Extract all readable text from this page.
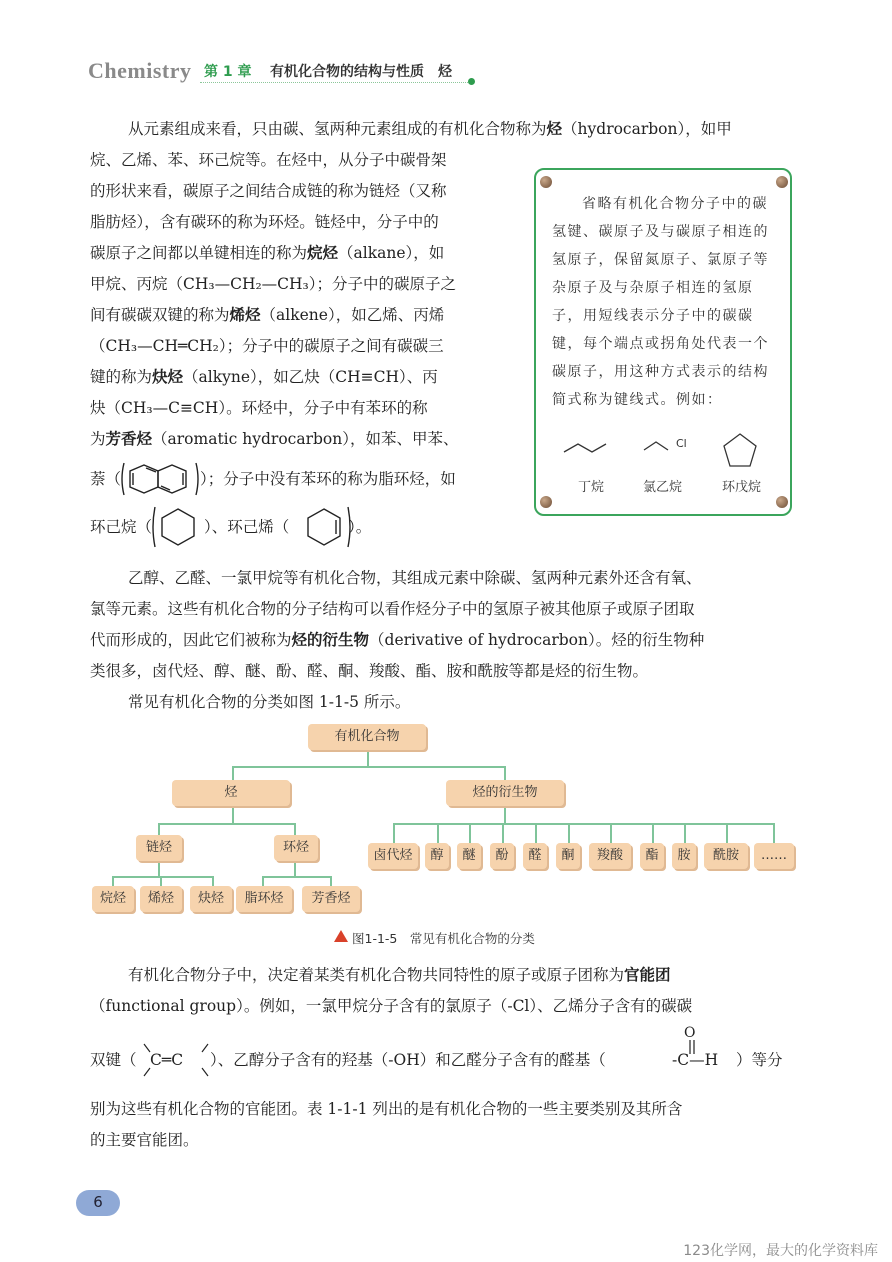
Chemistry 第 1 章 有机化合物的结构与性质　烃
从元素组成来看，只由碳、氢两种元素组成的有机化合物称为烃（hydrocarbon），如甲
烷、乙烯、苯、环己烷等。在烃中，从分子中碳骨架
的形状来看，碳原子之间结合成链的称为链烃（又称
脂肪烃），含有碳环的称为环烃。链烃中，分子中的
碳原子之间都以单键相连的称为烷烃（alkane），如
甲烷、丙烷（CH₃—CH₂—CH₃）；分子中的碳原子之
间有碳碳双键的称为烯烃（alkene），如乙烯、丙烯
（CH₃—CH═CH₂）；分子中的碳原子之间有碳碳三
键的称为炔烃（alkyne），如乙炔（CH≡CH）、丙
炔（CH₃—C≡CH）。环烃中，分子中有苯环的称
为芳香烃（aromatic hydrocarbon），如苯、甲苯、
萘（	）；分子中没有苯环的称为脂环烃，如
环己烷（	）、环己烯（	）。
省略有机化合物分子中的碳氢键、碳原子及与碳原子相连的氢原子，保留氮原子、氯原子等杂原子及与杂原子相连的氢原子，用短线表示分子中的碳碳键，每个端点或拐角处代表一个碳原子，用这种方式表示的结构简式称为键线式。例如：
Cl
丁烷	氯乙烷	环戊烷
乙醇、乙醛、一氯甲烷等有机化合物，其组成元素中除碳、氢两种元素外还含有氧、
氯等元素。这些有机化合物的分子结构可以看作烃分子中的氢原子被其他原子或原子团取
代而形成的，因此它们被称为烃的衍生物（derivative of hydrocarbon）。烃的衍生物种
类很多，卤代烃、醇、醚、酚、醛、酮、羧酸、酯、胺和酰胺等都是烃的衍生物。
常见有机化合物的分类如图 1-1-5 所示。
有机化合物
烃	烃的衍生物
链烃	环烃
烷烃	烯烃	炔烃	脂环烃	芳香烃
卤代烃	醇	醚	酚	醛	酮	羧酸	酯	胺	酰胺	……
图1-1-5　常见有机化合物的分类
有机化合物分子中，决定着某类有机化合物共同特性的原子或原子团称为官能团
（functional group）。例如，一氯甲烷分子含有的氯原子（-Cl）、乙烯分子含有的碳碳
双键（ C═C ）、乙醇分子含有的羟基（-OH）和乙醛分子含有的醛基（
O
-C—H ）等分
别为这些有机化合物的官能团。表 1-1-1 列出的是有机化合物的一些主要类别及其所含
的主要官能团。
6
123化学网，最大的化学资料库
